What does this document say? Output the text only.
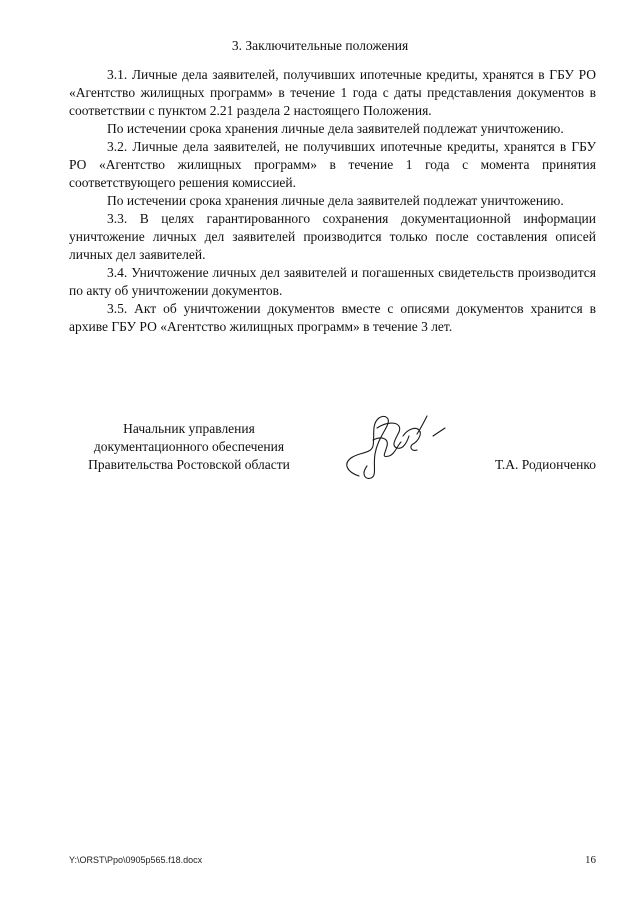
3. Заключительные положения

3.1. Личные дела заявителей, получивших ипотечные кредиты, хранятся в ГБУ РО «Агентство жилищных программ» в течение 1 года с даты представления документов в соответствии с пунктом 2.21 раздела 2 настоящего Положения.

По истечении срока хранения личные дела заявителей подлежат уничтожению.

3.2. Личные дела заявителей, не получивших ипотечные кредиты, хранятся в ГБУ РО «Агентство жилищных программ» в течение 1 года с момента принятия соответствующего решения комиссией.

По истечении срока хранения личные дела заявителей подлежат уничтожению.

3.3. В целях гарантированного сохранения документационной информации уничтожение личных дел заявителей производится только после составления описей личных дел заявителей.

3.4. Уничтожение личных дел заявителей и погашенных свидетельств производится по акту об уничтожении документов.

3.5. Акт об уничтожении документов вместе с описями документов хранится в архиве ГБУ РО «Агентство жилищных программ» в течение 3 лет.

Начальник управления
документационного обеспечения
Правительства Ростовской области	Т.А. Родионченко
Y:\ORST\Ppo\0905p565.f18.docx	16
